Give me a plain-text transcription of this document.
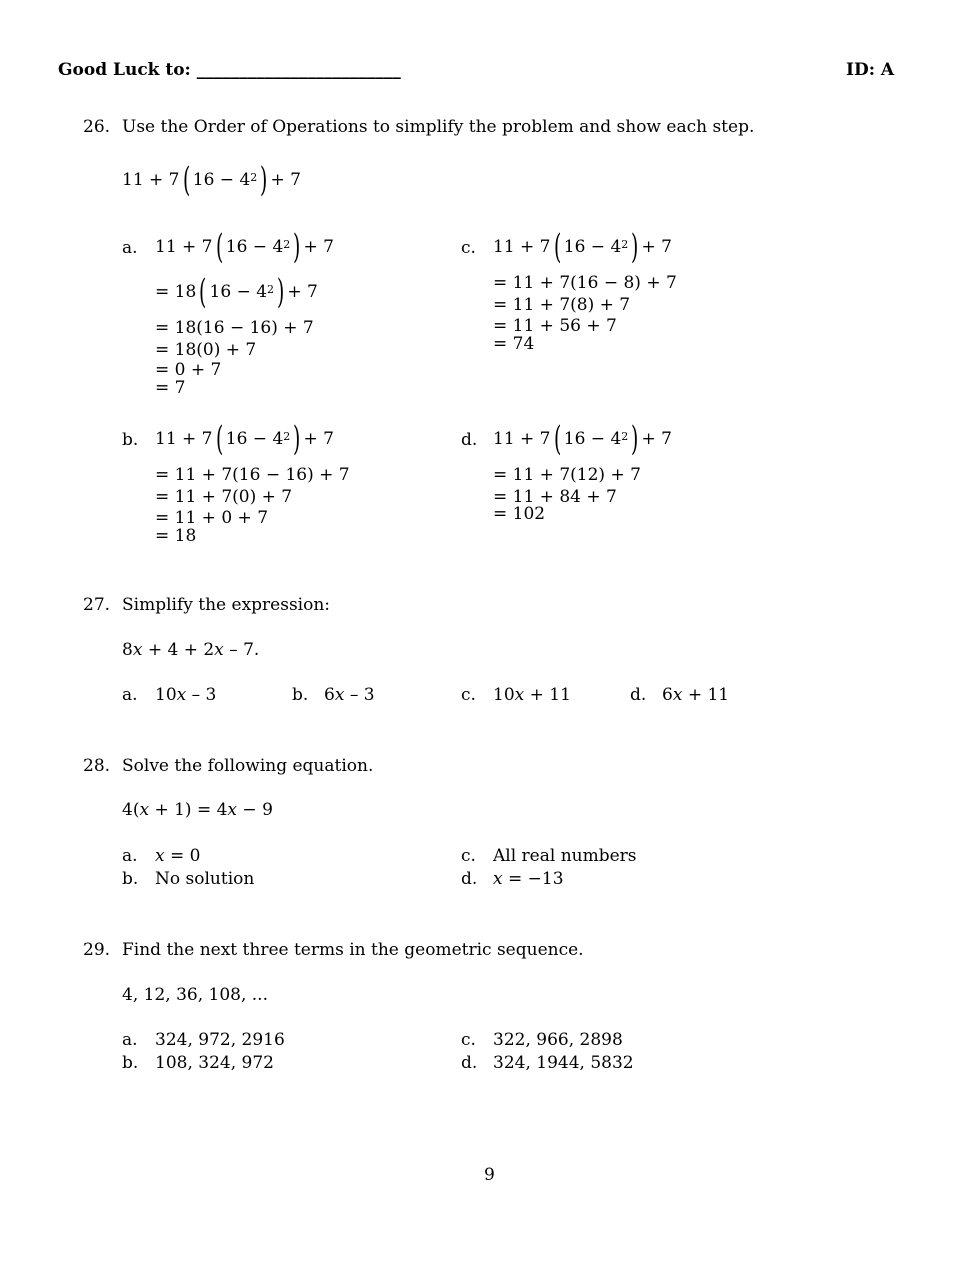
Good Luck to: ________________________	ID: A
26. Use the Order of Operations to simplify the problem and show each step.
11 + 7 ( $16 - 4^2$ ) + 7
a. 11 + 7 ( $16 - 4^2$ ) + 7
= 18 ( $16 - 4^2$ ) + 7
= 18(16 − 16) + 7
= 18(0) + 7
= 0 + 7
= 7
c. 11 + 7 ( $16 - 4^2$ ) + 7
= 11 + 7(16 − 8) + 7
= 11 + 7(8) + 7
= 11 + 56 + 7
= 74
b. 11 + 7 ( $16 - 4^2$ ) + 7
= 11 + 7(16 − 16) + 7
= 11 + 7(0) + 7
= 11 + 0 + 7
= 18
d. 11 + 7 ( $16 - 4^2$ ) + 7
= 11 + 7(12) + 7
= 11 + 84 + 7
= 102
27. Simplify the expression:
8x + 4 + 2x – 7.
a. 10x – 3	b. 6x – 3	c. 10x + 11	d. 6x + 11
28. Solve the following equation.
4(x + 1) = 4x − 9
a. x = 0	c. All real numbers
b. No solution	d. x = −13
29. Find the next three terms in the geometric sequence.
4, 12, 36, 108, ...
a. 324, 972, 2916	c. 322, 966, 2898
b. 108, 324, 972	d. 324, 1944, 5832
9
